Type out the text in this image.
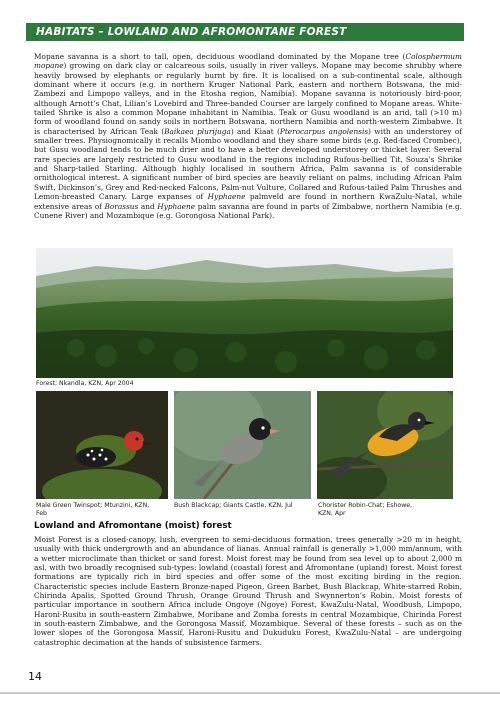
HABITATS – LOWLAND AND AFROMONTANE FOREST

Mopane savanna is a short to tall, open, deciduous woodland dominated by the Mopane tree (Colosphermum mopane) growing on dark clay or calcareous soils, usually in river valleys. Mopane may become shrubby where heavily browsed by elephants or regularly burnt by fire. It is localised on a sub-continental scale, although dominant where it occurs (e.g. in northern Kruger National Park, eastern and northern Botswana, the mid-Zambezi and Limpopo valleys, and in the Etosha region, Namibia). Mopane savanna is notoriously bird-poor, although Arnott’s Chat, Lilian’s Lovebird and Three-banded Courser are largely confined to Mopane areas. White-tailed Shrike is also a common Mopane inhabitant in Namibia. Teak or Gusu woodland is an arid, tall (>10 m) form of woodland found on sandy soils in northern Botswana, northern Namibia and north-western Zimbabwe. It is characterised by African Teak (Baikaea plurijuga) and Kiaat (Pterocarpus angolensis) with an understorey of smaller trees. Physiognomically it recalls Miombo woodland and they share some birds (e.g. Red-faced Crombec), but Gusu woodland tends to be much drier and to have a better developed understorey or thicket layer. Several rare species are largely restricted to Gusu woodland in the regions including Rufous-bellied Tit, Souza’s Shrike and Sharp-tailed Starling. Although highly localised in southern Africa, Palm savanna is of considerable ornithological interest. A significant number of bird species are heavily reliant on palms, including African Palm Swift, Dickinson’s, Grey and Red-necked Falcons, Palm-nut Vulture, Collared and Rufous-tailed Palm Thrushes and Lemon-breasted Canary. Large expanses of Hyphaene palmveld are found in northern KwaZulu-Natal, while extensive areas of Borassus and Hyphaene palm savanna are found in parts of Zimbabwe, northern Namibia (e.g. Cunene River) and Mozambique (e.g. Gorongosa National Park).

Forest; Nkandla, KZN, Apr 2004

Male Green Twinspot; Mtunzini, KZN,

Feb

Bush Blackcap; Giants Castle, KZN, Jul	Chorister Robin-Chat; Eshowe,

KZN, Apr

Lowland and Afromontane (moist) forest

Moist Forest is a closed-canopy, lush, evergreen to semi-deciduous formation, trees generally >20 m in height, usually with thick undergrowth and an abundance of lianas. Annual rainfall is generally >1,000 mm/annum, with a wetter microclimate than thicket or sand forest. Moist forest may be found from sea level up to about 2,000 m asl, with two broadly recognised sub-types: lowland (coastal) forest and Afromontane (upland) forest. Moist forest formations are typically rich in bird species and offer some of the most exciting birding in the region. Characteristic species include Eastern Bronze-naped Pigeon, Green Barbet, Bush Blackcap, White-starred Robin, Chirinda Apalis, Spotted Ground Thrush, Orange Ground Thrush and Swynnerton’s Robin. Moist forests of particular importance in southern Africa include Ongoye (Ngoye) Forest, KwaZulu-Natal, Woodbush, Limpopo, Haroni-Rusitu in south-eastern Zimbabwe, Moribane and Zomba forests in central Mozambique, Chirinda Forest in south-eastern Zimbabwe, and the Gorongosa Massif, Mozambique. Several of these forests – such as on the lower slopes of the Gorongosa Massif, Haroni-Rusitu and Dukuduku Forest, KwaZulu-Natal – are undergoing catastrophic decimation at the hands of subsistence farmers.

14
